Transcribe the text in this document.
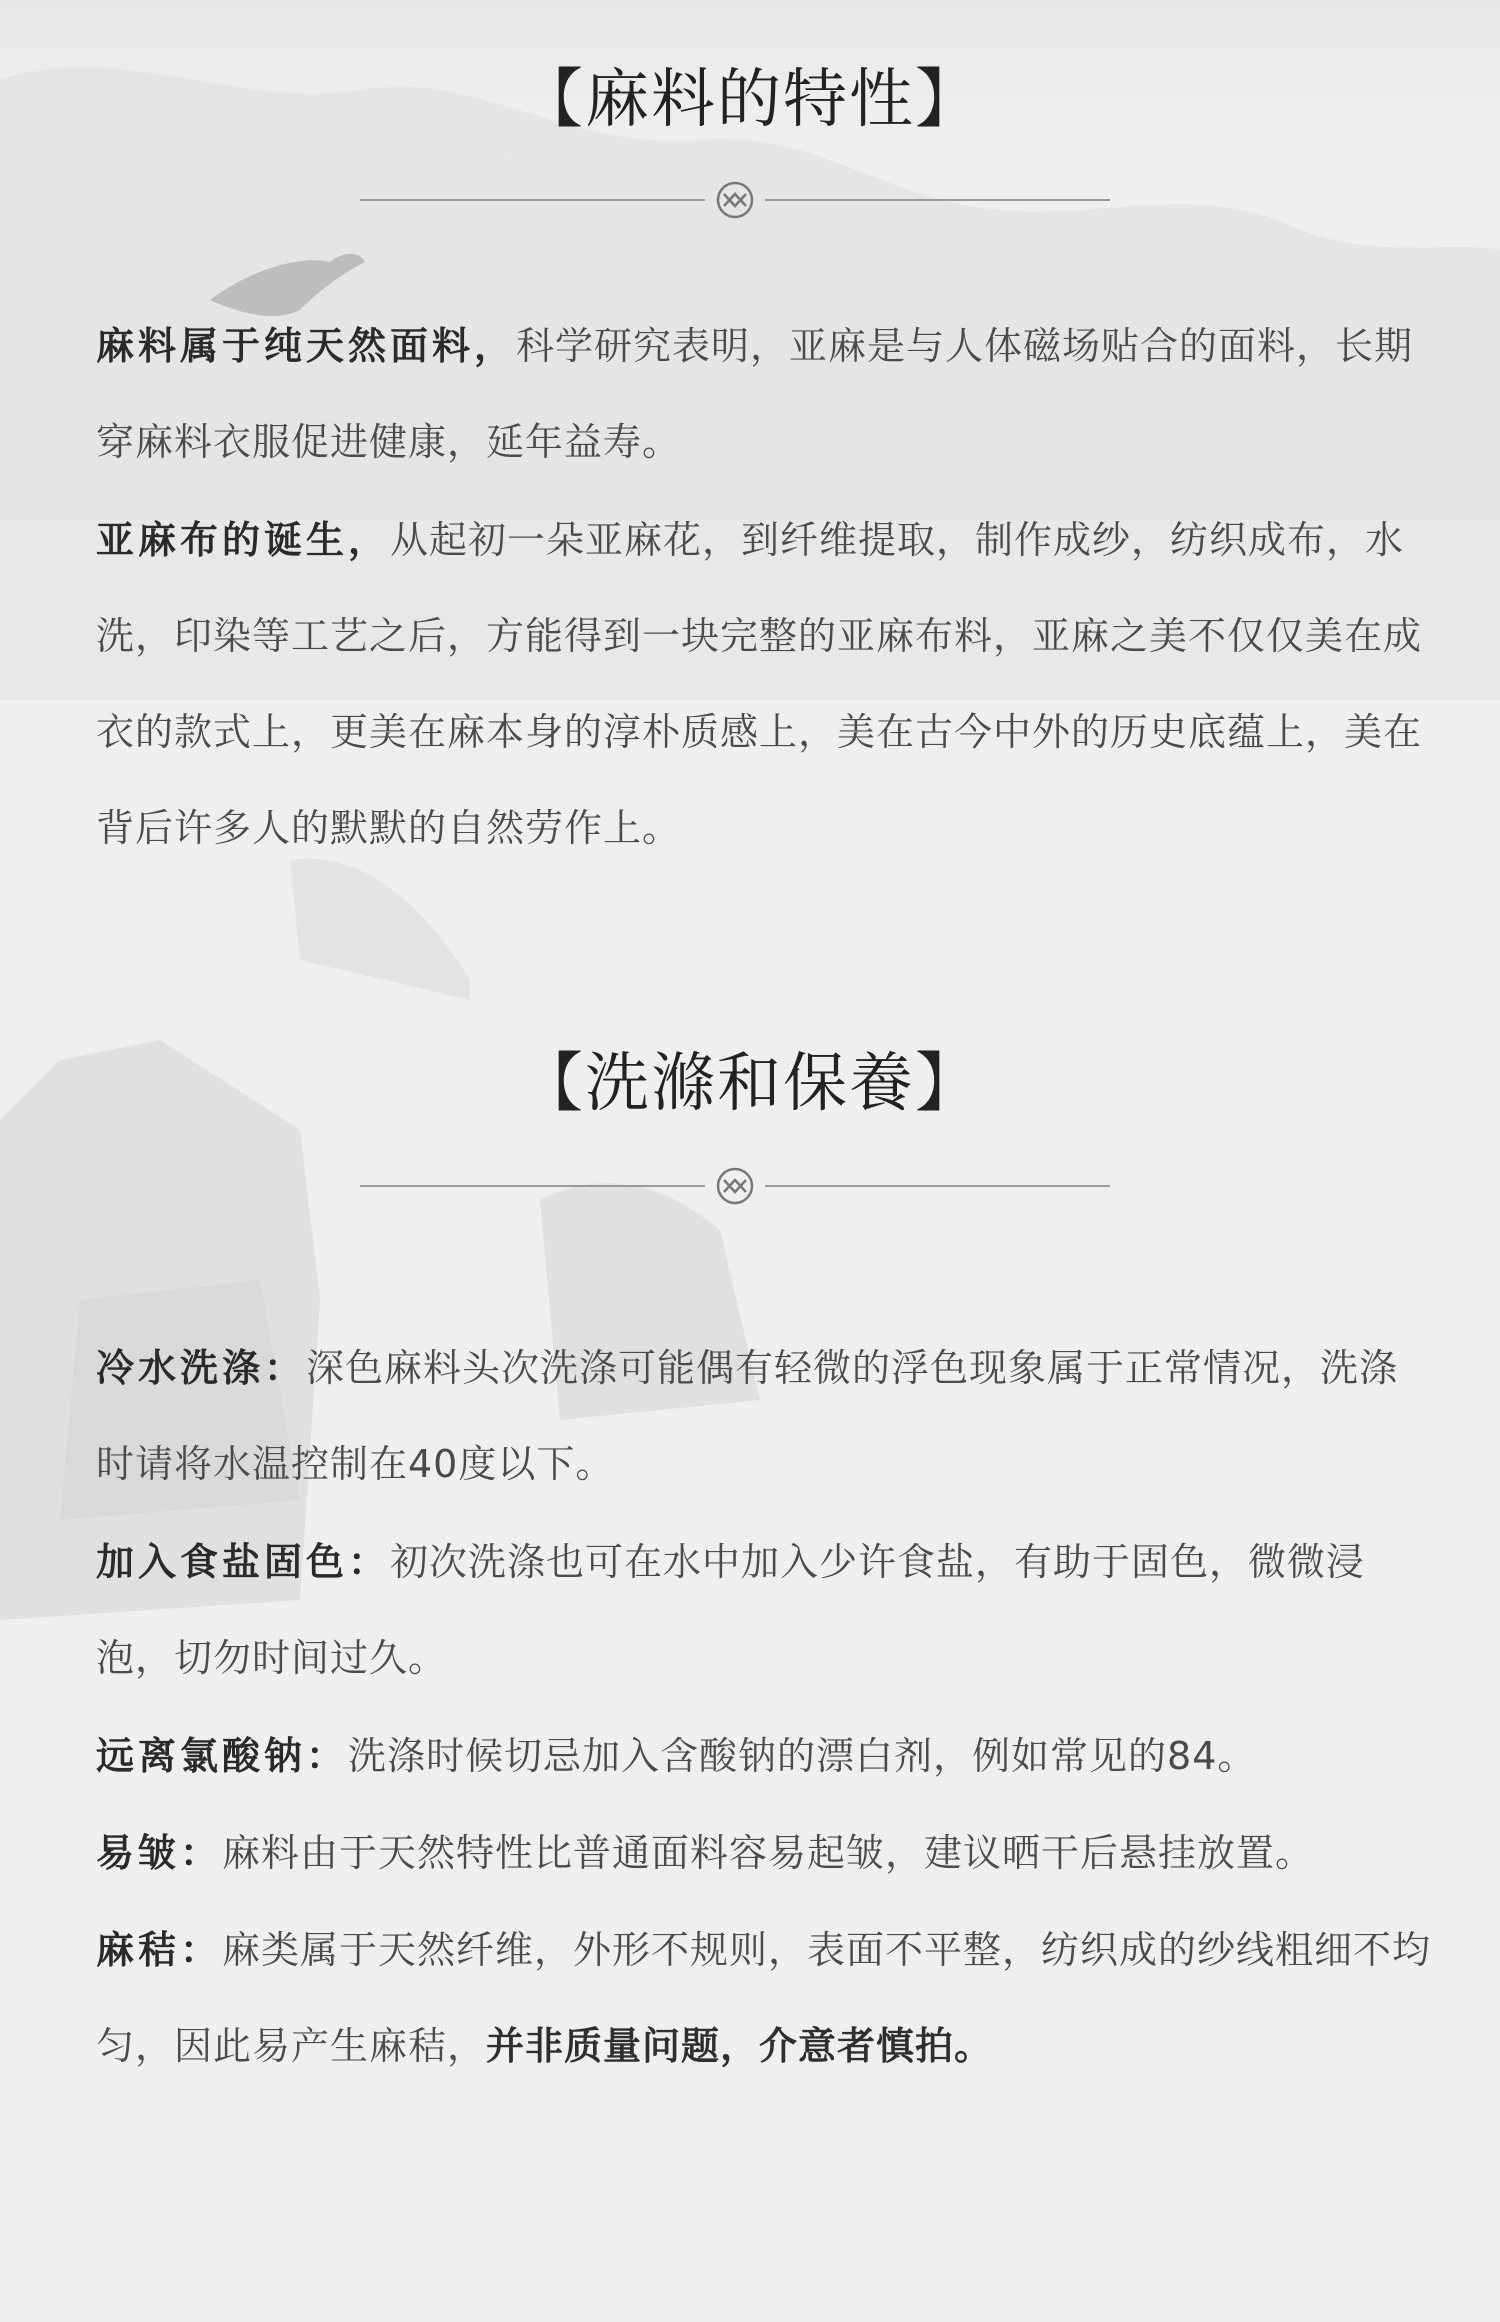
【麻料的特性】
麻料属于纯天然面料，科学研究表明，亚麻是与人体磁场贴合的面料，长期穿麻料衣服促进健康，延年益寿。
亚麻布的诞生，从起初一朵亚麻花，到纤维提取，制作成纱，纺织成布，水洗，印染等工艺之后，方能得到一块完整的亚麻布料，亚麻之美不仅仅美在成衣的款式上，更美在麻本身的淳朴质感上，美在古今中外的历史底蕴上，美在背后许多人的默默的自然劳作上。
【洗滌和保養】
冷水洗涤：深色麻料头次洗涤可能偶有轻微的浮色现象属于正常情况，洗涤时请将水温控制在40度以下。
加入食盐固色：初次洗涤也可在水中加入少许食盐，有助于固色，微微浸泡，切勿时间过久。
远离氯酸钠：洗涤时候切忌加入含酸钠的漂白剂，例如常见的84。
易皱：麻料由于天然特性比普通面料容易起皱，建议晒干后悬挂放置。
麻秸：麻类属于天然纤维，外形不规则，表面不平整，纺织成的纱线粗细不均匀，因此易产生麻秸，并非质量问题，介意者慎拍。
